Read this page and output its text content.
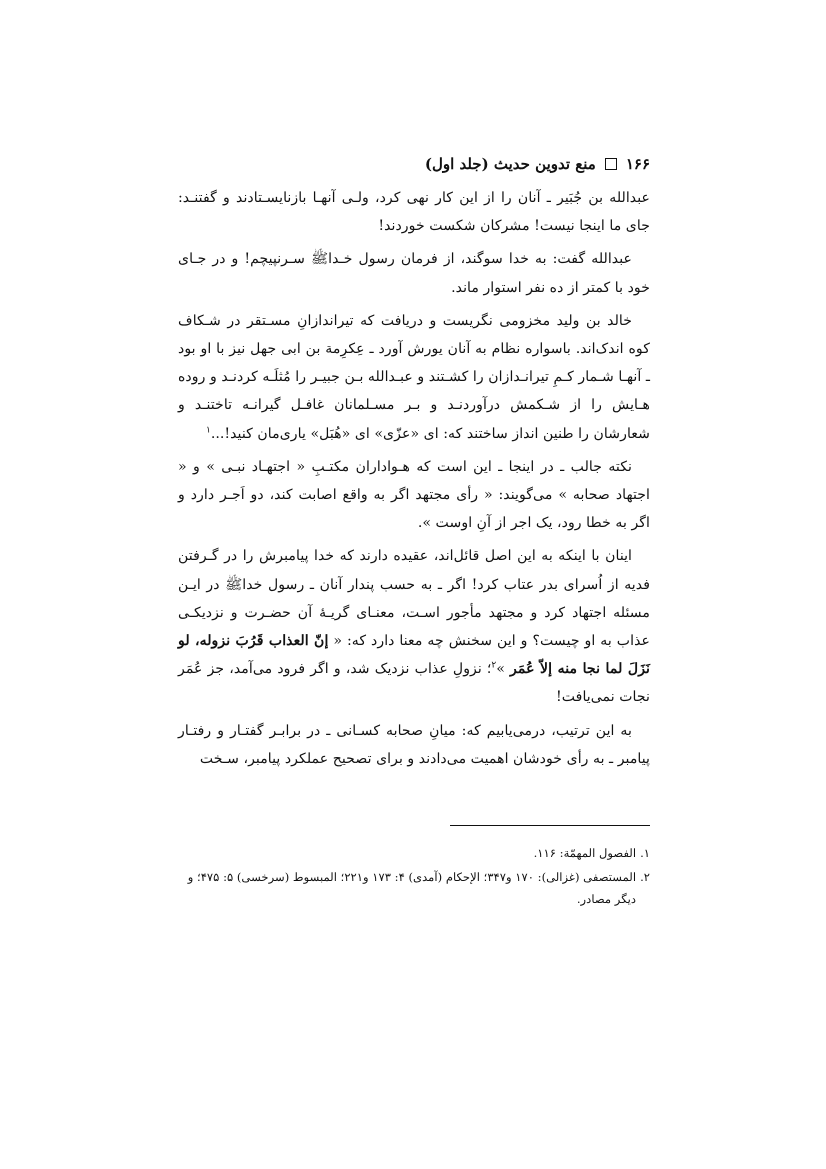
۱۶۶
منع تدوین حدیث (جلد اول)

عبدالله بن جُبَیر ـ آنان را از این کار نهی کرد، ولـی آنهـا بازنایسـتادند و گفتنـد: جای ما اینجا نیست! مشرکان شکست خوردند!

عبدالله گفت: به خدا سوگند، از فرمان رسول خـداﷺ سـرنپیچم! و در جـای خود با کمتر از ده نفر استوار ماند.

خالد بن ولید مخزومی نگریست و دریافت که تیراندازانِ مسـتقر در شـکاف کوه اندک‌اند. باسواره نظام به آنان یورش آورد ـ عِکرِمة بن ابی جهل نیز با او بود ـ آنهـا شـمار کـمِ تیرانـدازان را کشـتند و عبـدالله بـن جبیـر را مُثلَـه کردنـد و روده هـایش را از شـکمش درآوردنـد و بـر مسـلمانان غافـل گیرانـه تاختنـد و شعارشان را طنین انداز ساختند که: ای «عزّی» ای «هُبَل» یاری‌مان کنید!...$^۱$

نکته جالب ـ در اینجا ـ این است که هـواداران مکتـبِ « اجتهـاد نبـی » و « اجتهاد صحابه » می‌گویند: « رأی مجتهد اگر به واقع اصابت کند، دو اَجـر دارد و اگر به خطا رود، یک اجر از آنِ اوست ».

اینان با اینکه به این اصل قائل‌اند، عقیده دارند که خدا پیامبرش را در گـرفتن فدیه از اُسرای بدر عتاب کرد! اگر ـ به حسب پندار آنان ـ رسول خداﷺ در ایـن مسئله اجتهاد کرد و مجتهد مأجور اسـت، معنـای گریـهٔ آن حضـرت و نزدیکـی عذاب به او چیست؟ و این سخنش چه معنا دارد که: « إنّ العذاب قَرُبَ نزوله، لو نَزَلَ لما نجا منه إلاّ عُمَر »$^۲$؛ نزولِ عذاب نزدیک شد، و اگر فرود می‌آمد، جز عُمَر نجات نمی‌یافت!

به این ترتیب، درمی‌یابیم که: میانِ صحابه کسـانی ـ در برابـر گفتـار و رفتـار پیامبر ـ به رأی خودشان اهمیت می‌دادند و برای تصحیح عملکرد پیامبر، سـخت

۱.الفصول المهمّة: ۱۱۶.

۲.المستصفی (غزالی): ۱۷۰ و۳۴۷؛ الإحکام (آمدی) ۴: ۱۷۳ و۲۲۱؛ المبسوط (سرخسی) ۵: ۴۷۵؛ و
دیگر مصادر.
